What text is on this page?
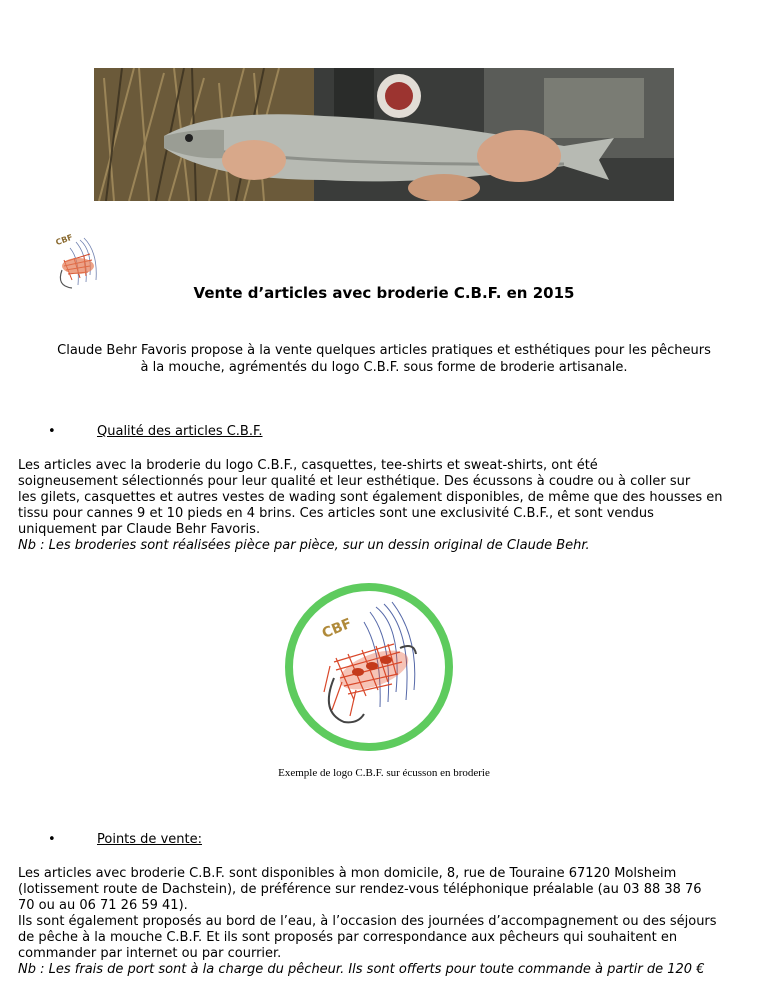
CBF
Vente d’articles avec broderie C.B.F. en 2015
Claude Behr Favoris propose à la vente quelques articles pratiques et esthétiques pour les pêcheurs
à la mouche, agrémentés du logo C.B.F. sous forme de broderie artisanale.
•	Qualité des articles C.B.F.

Les articles avec la broderie du logo C.B.F., casquettes, tee-shirts et sweat-shirts, ont été

soigneusement sélectionnés pour leur qualité et leur esthétique. Des écussons à coudre ou à coller sur

les gilets, casquettes et autres vestes de wading sont également disponibles, de même que des housses en

tissu pour cannes 9 et 10 pieds en 4 brins. Ces articles sont une exclusivité C.B.F., et sont vendus

uniquement par Claude Behr Favoris.

Nb : Les broderies sont réalisées pièce par pièce, sur un dessin original de Claude Behr.

CBF
Exemple de logo C.B.F. sur écusson en broderie
•	Points de vente:

Les articles avec broderie C.B.F. sont disponibles à mon domicile, 8, rue de Touraine 67120 Molsheim

(lotissement route de Dachstein), de préférence sur rendez-vous téléphonique préalable (au 03 88 38 76

70 ou au 06 71 26 59 41).

Ils sont également proposés au bord de l’eau, à l’occasion des journées d’accompagnement ou des séjours

de pêche à la mouche C.B.F. Et ils sont proposés par correspondance aux pêcheurs qui souhaitent en

commander par internet ou par courrier.

Nb : Les frais de port sont à la charge du pêcheur. Ils sont offerts pour toute commande à partir de 120 €
